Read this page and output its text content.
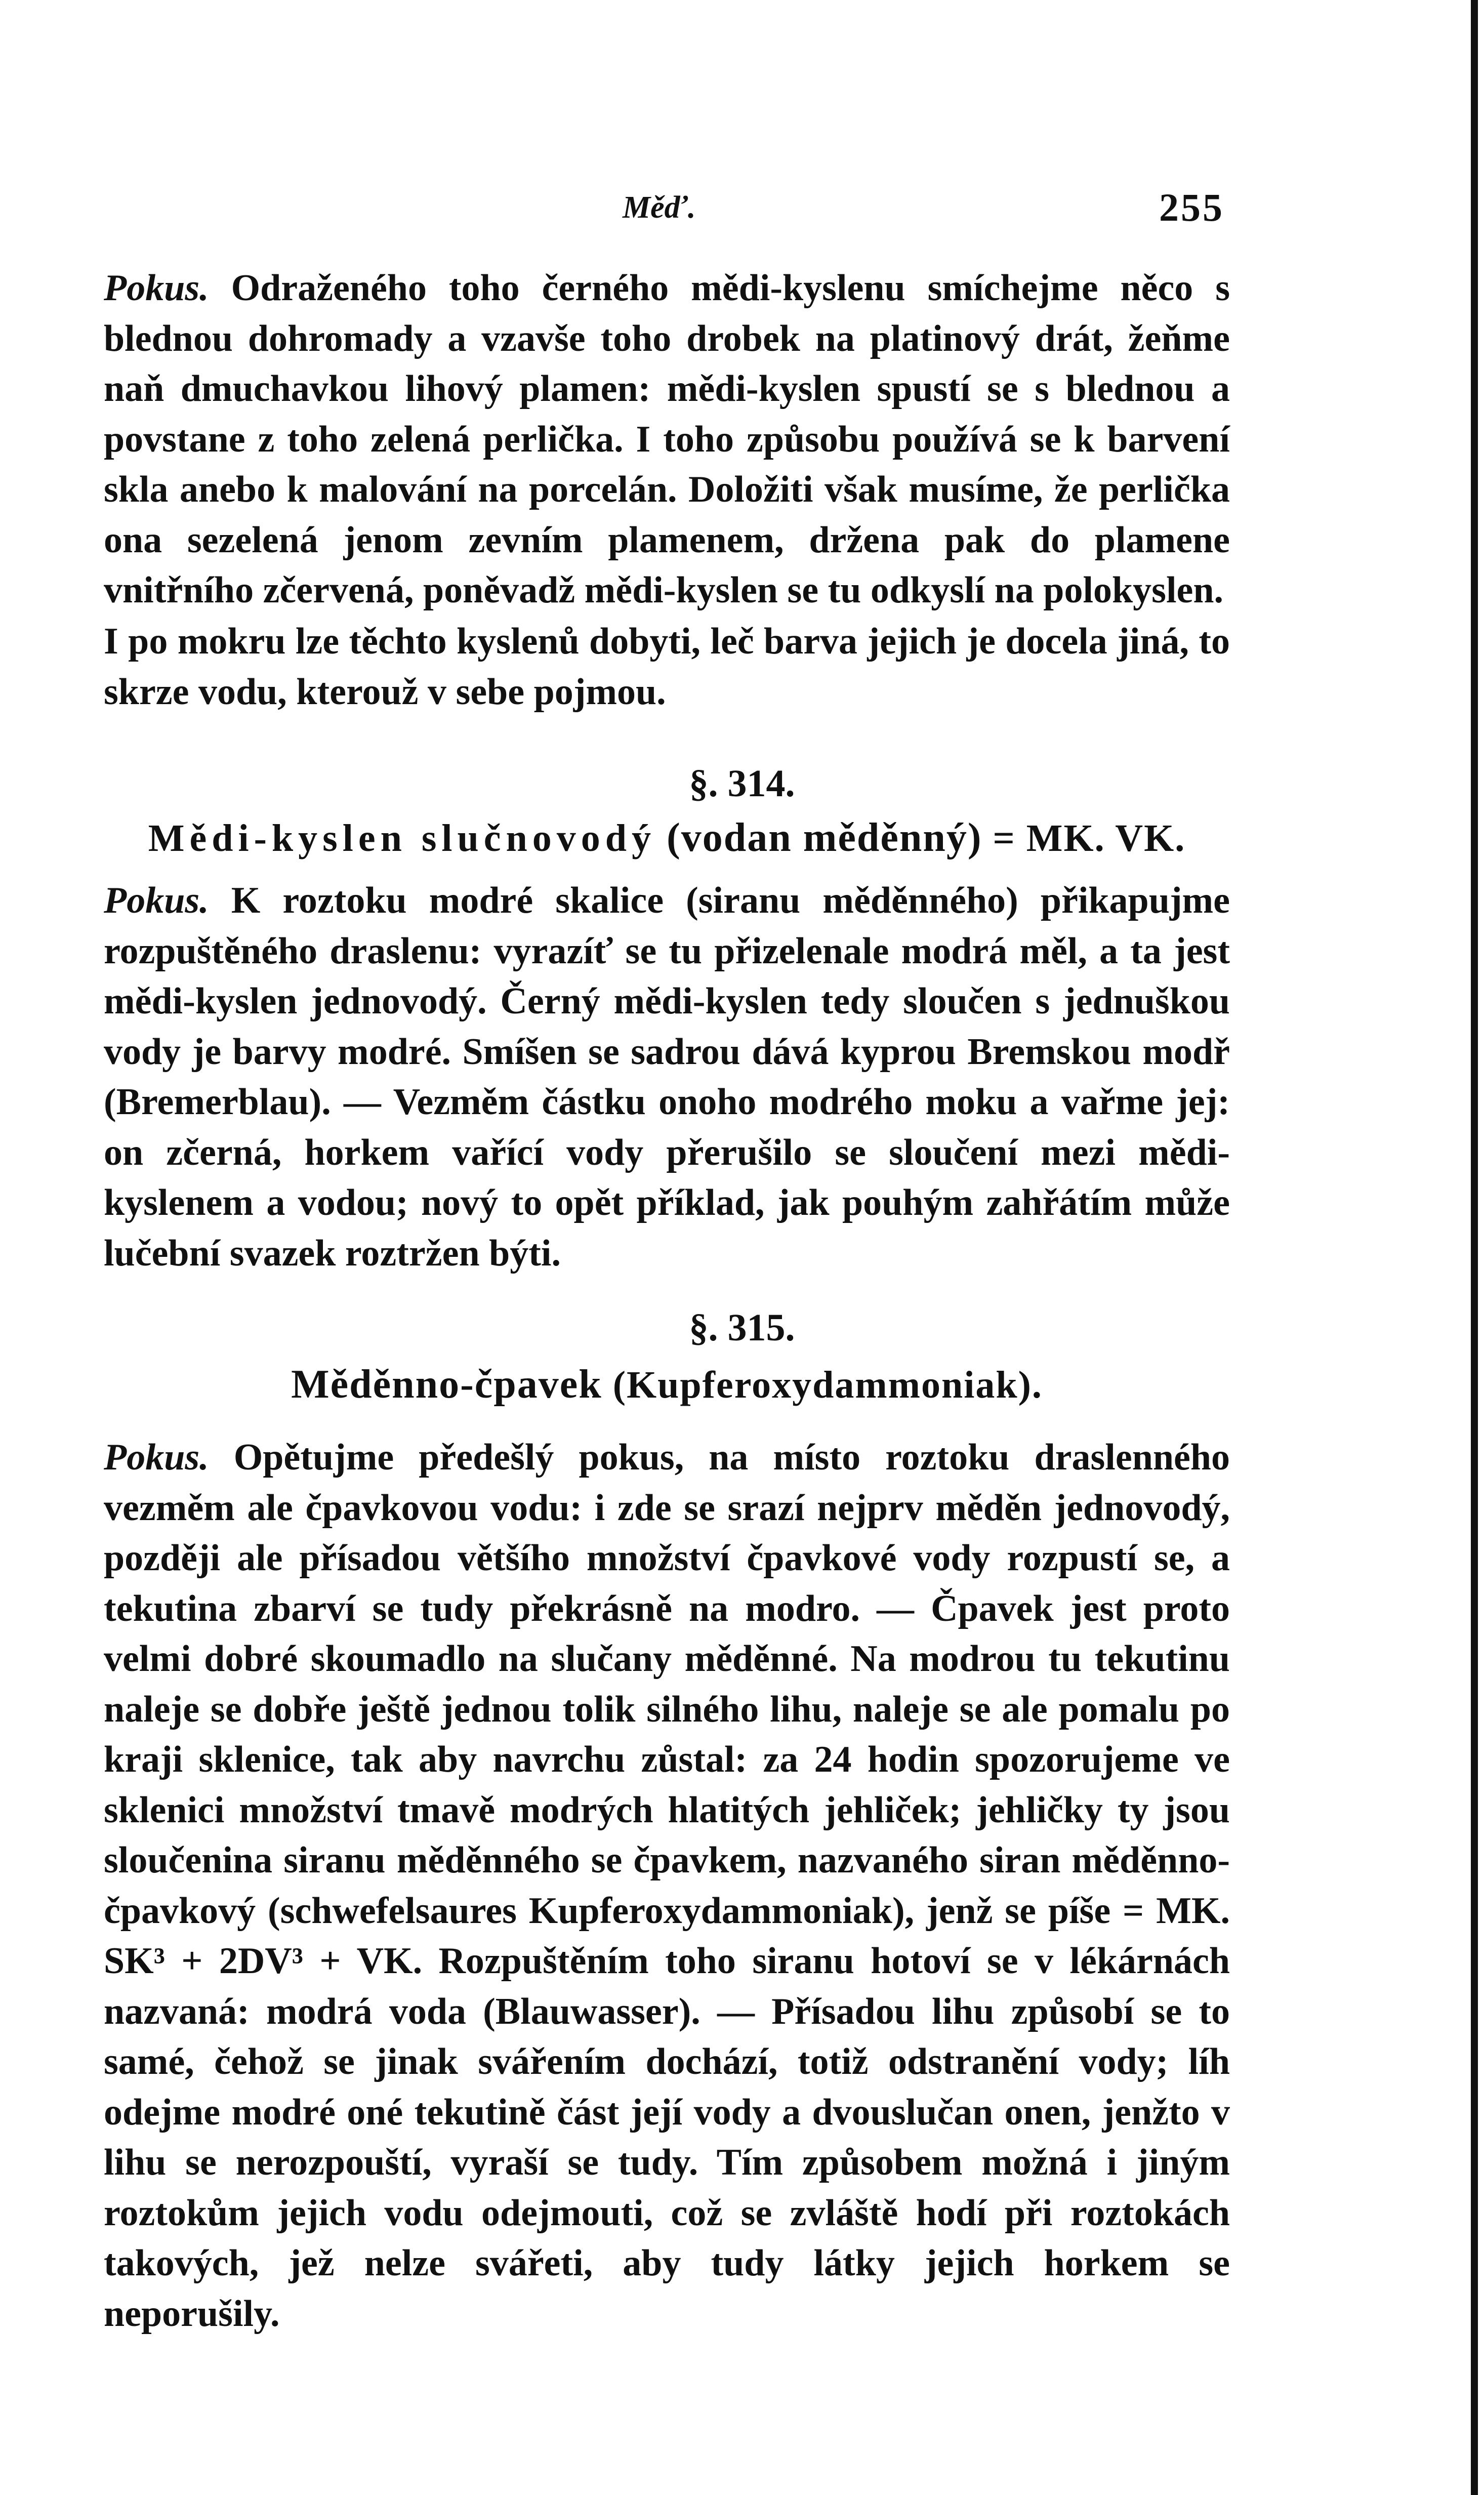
Měď.	255

Pokus. Odraženého toho černého mědi-kyslenu smíchejme něco s blednou dohromady a vzavše toho drobek na platinový drát, žeňme naň dmuchavkou lihový plamen: mědi-kyslen spustí se s blednou a povstane z toho zelená perlička. I toho způsobu používá se k barvení skla anebo k malování na porcelán. Doložiti však musíme, že perlička ona sezelená jenom zevním plamenem, držena pak do plamene vnitřního zčervená, poněvadž mědi-kyslen se tu odkyslí na polokyslen.

I po mokru lze těchto kyslenů dobyti, leč barva jejich je docela jiná, to skrze vodu, kterouž v sebe pojmou.

§. 314.
Mědi-kyslen slučnovodý (vodan měděnný) = MK. VK.

Pokus. K roztoku modré skalice (siranu měděnného) přikapujme rozpuštěného draslenu: vyrazíť se tu přizelenale modrá měl, a ta jest mědi-kyslen jednovodý. Černý mědi-kyslen tedy sloučen s jednuškou vody je barvy modré. Smíšen se sadrou dává kyprou Bremskou modř (Bremerblau). — Vezměm částku onoho modrého moku a vařme jej: on zčerná, horkem vařící vody přerušilo se sloučení mezi mědi-kyslenem a vodou; nový to opět příklad, jak pouhým zahřátím může lučební svazek roztržen býti.

§. 315.
Měděnno-čpavek (Kupferoxydammoniak).

Pokus. Opětujme předešlý pokus, na místo roztoku draslenného vezměm ale čpavkovou vodu: i zde se srazí nejprv měděn jednovodý, později ale přísadou většího množství čpavkové vody rozpustí se, a tekutina zbarví se tudy překrásně na modro. — Čpavek jest proto velmi dobré skoumadlo na slučany měděnné. Na modrou tu tekutinu naleje se dobře ještě jednou tolik silného lihu, naleje se ale pomalu po kraji sklenice, tak aby navrchu zůstal: za 24 hodin spozorujeme ve sklenici množství tmavě modrých hlatitých jehliček; jehličky ty jsou sloučenina siranu měděnného se čpavkem, nazvaného siran měděnno-čpavkový (schwefelsaures Kupferoxydammoniak), jenž se píše = MK. SK³ + 2DV³ + VK. Rozpuštěním toho siranu hotoví se v lékárnách nazvaná: modrá voda (Blauwasser). — Přísadou lihu způsobí se to samé, čehož se jinak svářením dochází, totiž odstranění vody; líh odejme modré oné tekutině část její vody a dvouslučan onen, jenžto v lihu se nerozpouští, vyraší se tudy. Tím způsobem možná i jiným roztokům jejich vodu odejmouti, což se zvláště hodí při roztokách takových, jež nelze svářeti, aby tudy látky jejich horkem se neporušily.
